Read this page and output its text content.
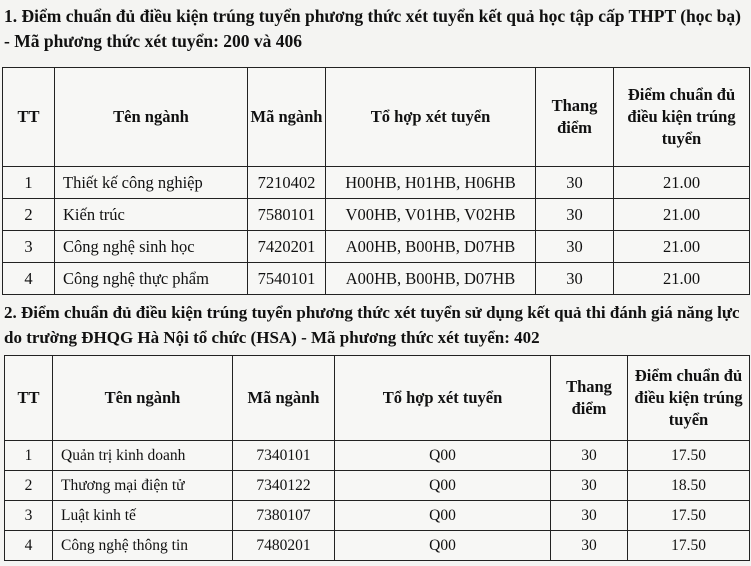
1. Điểm chuẩn đủ điều kiện trúng tuyển phương thức xét tuyển kết quả học tập cấp THPT (học bạ) - Mã phương thức xét tuyển: 200 và 406

TT	Tên ngành	Mã ngành	Tổ hợp xét tuyển	Thang điểm	Điểm chuẩn đủ điều kiện trúng tuyển
1	Thiết kế công nghiệp	7210402	H00HB, H01HB, H06HB	30	21.00
2	Kiến trúc	7580101	V00HB, V01HB, V02HB	30	21.00
3	Công nghệ sinh học	7420201	A00HB, B00HB, D07HB	30	21.00
4	Công nghệ thực phẩm	7540101	A00HB, B00HB, D07HB	30	21.00

2. Điểm chuẩn đủ điều kiện trúng tuyển phương thức xét tuyển sử dụng kết quả thi đánh giá năng lực do trường ĐHQG Hà Nội tổ chức (HSA) - Mã phương thức xét tuyển: 402

TT	Tên ngành	Mã ngành	Tổ hợp xét tuyển	Thang điểm	Điểm chuẩn đủ điều kiện trúng tuyển
1	Quản trị kinh doanh	7340101	Q00	30	17.50
2	Thương mại điện tử	7340122	Q00	30	18.50
3	Luật kinh tế	7380107	Q00	30	17.50
4	Công nghệ thông tin	7480201	Q00	30	17.50
